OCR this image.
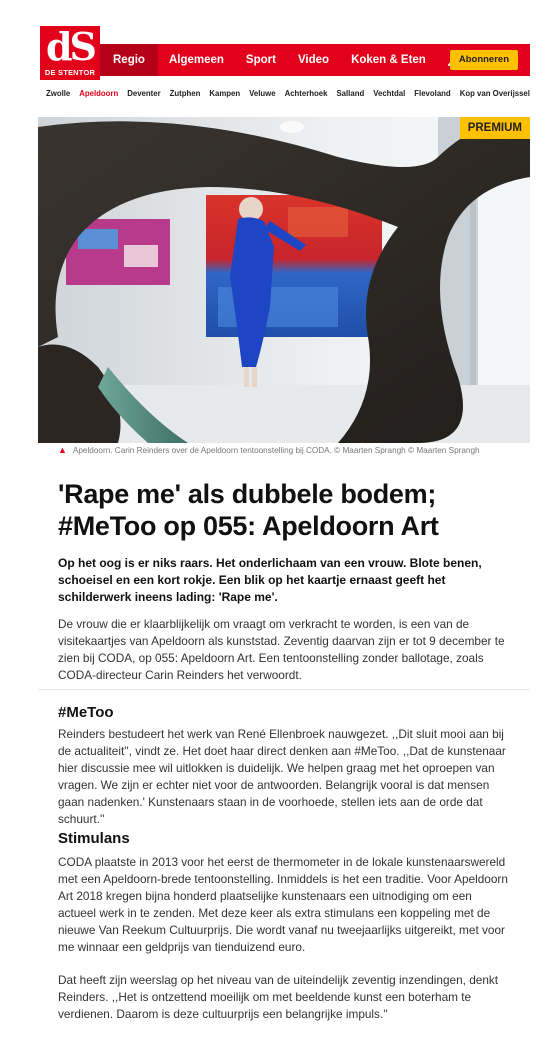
dS
DE STENTOR
Regio	Algemeen	Sport	Video	Koken & Eten	Abonneren
Zwolle Apeldoorn Deventer Zutphen Kampen Veluwe Achterhoek Salland Vechtdal Flevoland Kop van Overijssel
PREMIUM
▲ Apeldoorn. Carin Reinders over de Apeldoorn tentoonstelling bij CODA. © Maarten Sprangh © Maarten Sprangh
'Rape me' als dubbele bodem;
#MeToo op 055: Apeldoorn Art

Op het oog is er niks raars. Het onderlichaam van een vrouw. Blote benen, schoeisel en een kort rokje. Een blik op het kaartje ernaast geeft het schilderwerk ineens lading: 'Rape me'.

De vrouw die er klaarblijkelijk om vraagt om verkracht te worden, is een van de visitekaartjes van Apeldoorn als kunststad. Zeventig daarvan zijn er tot 9 december te zien bij CODA, op 055: Apeldoorn Art. Een tentoonstelling zonder ballotage, zoals CODA-directeur Carin Reinders het verwoordt.

#MeToo

Reinders bestudeert het werk van René Ellenbroek nauwgezet. ,,Dit sluit mooi aan bij de actualiteit'', vindt ze. Het doet haar direct denken aan #MeToo. ,,Dat de kunstenaar hier discussie mee wil uitlokken is duidelijk. We helpen graag met het oproepen van vragen. We zijn er echter niet voor de antwoorden. Belangrijk vooral is dat mensen gaan nadenken.' Kunstenaars staan in de voorhoede, stellen iets aan de orde dat schuurt.''

Stimulans

CODA plaatste in 2013 voor het eerst de thermometer in de lokale kunstenaarswereld met een Apeldoorn-brede tentoonstelling. Inmiddels is het een traditie. Voor Apeldoorn Art 2018 kregen bijna honderd plaatselijke kunstenaars een uitnodiging om een actueel werk in te zenden. Met deze keer als extra stimulans een koppeling met de nieuwe Van Reekum Cultuurprijs. Die wordt vanaf nu tweejaarlijks uitgereikt, met voor me winnaar een geldprijs van tienduizend euro.

Dat heeft zijn weerslag op het niveau van de uiteindelijk zeventig inzendingen, denkt Reinders. ,,Het is ontzettend moeilijk om met beeldende kunst een boterham te verdienen. Daarom is deze cultuurprijs een belangrijke impuls.''
